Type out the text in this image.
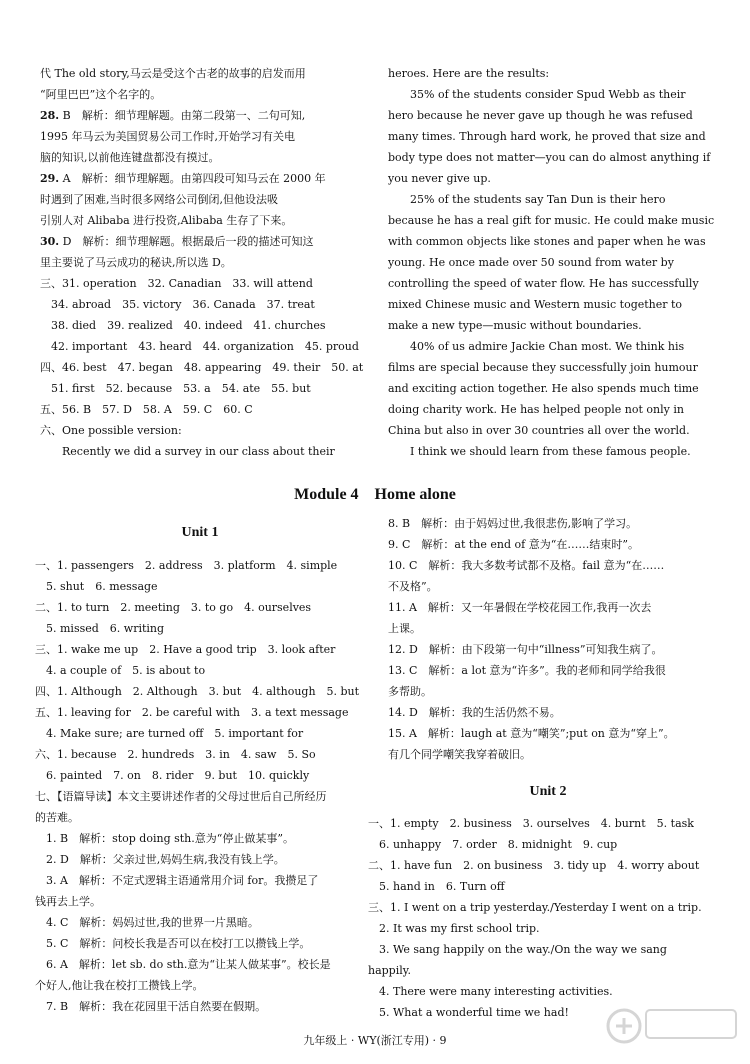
代 The old story,马云是受这个古老的故事的启发而用

“阿里巴巴”这个名字的。

28. B　解析：细节理解题。由第二段第一、二句可知,

1995 年马云为美国贸易公司工作时,开始学习有关电

脑的知识,以前他连键盘都没有摸过。

29. A　解析：细节理解题。由第四段可知马云在 2000 年

时遇到了困难,当时很多网络公司倒闭,但他设法吸

引别人对 Alibaba 进行投资,Alibaba 生存了下来。

30. D　解析：细节理解题。根据最后一段的描述可知这

里主要说了马云成功的秘诀,所以选 D。

三、31. operation　32. Canadian　33. will attend

　34. abroad　35. victory　36. Canada　37. treat

　38. died　39. realized　40. indeed　41. churches

　42. important　43. heard　44. organization　45. proud

四、46. best　47. began　48. appearing　49. their　50. at

　51. first　52. because　53. a　54. ate　55. but

五、56. B　57. D　58. A　59. C　60. C

六、One possible version:

　　Recently we did a survey in our class about their

heroes. Here are the results:

35% of the students consider Spud Webb as their

hero because he never gave up though he was refused

many times. Through hard work, he proved that size and

body type does not matter—you can do almost anything if

you never give up.

25% of the students say Tan Dun is their hero

because he has a real gift for music. He could make music

with common objects like stones and paper when he was

young. He once made over 50 sound from water by

controlling the speed of water flow. He has successfully

mixed Chinese music and Western music together to

make a new type—music without boundaries.

40% of us admire Jackie Chan most. We think his

films are special because they successfully join humour

and exciting action together. He also spends much time

doing charity work. He has helped people not only in

China but also in over 30 countries all over the world.

I think we should learn from these famous people.

Module 4　Home alone
Unit 1

一、1. passengers　2. address　3. platform　4. simple

　5. shut　6. message

二、1. to turn　2. meeting　3. to go　4. ourselves

　5. missed　6. writing

三、1. wake me up　2. Have a good trip　3. look after

　4. a couple of　5. is about to

四、1. Although　2. Although　3. but　4. although　5. but

五、1. leaving for　2. be careful with　3. a text message

　4. Make sure; are turned off　5. important for

六、1. because　2. hundreds　3. in　4. saw　5. So

　6. painted　7. on　8. rider　9. but　10. quickly

七、【语篇导读】本文主要讲述作者的父母过世后自己所经历

的苦难。

　1. B　解析：stop doing sth.意为“停止做某事”。

　2. D　解析：父亲过世,妈妈生病,我没有钱上学。

　3. A　解析：不定式逻辑主语通常用介词 for。我攒足了

钱再去上学。

　4. C　解析：妈妈过世,我的世界一片黑暗。

　5. C　解析：问校长我是否可以在校打工以攒钱上学。

　6. A　解析：let sb. do sth.意为“让某人做某事”。校长是

个好人,他让我在校打工攒钱上学。

　7. B　解析：我在花园里干活自然要在假期。

8. B　解析：由于妈妈过世,我很悲伤,影响了学习。

9. C　解析：at the end of 意为“在……结束时”。

10. C　解析：我大多数考试都不及格。fail 意为“在……

不及格”。

11. A　解析：又一年暑假在学校花园工作,我再一次去

上课。

12. D　解析：由下段第一句中“illness”可知我生病了。

13. C　解析：a lot 意为“许多”。我的老师和同学给我很

多帮助。

14. D　解析：我的生活仍然不易。

15. A　解析：laugh at 意为“嘲笑”;put on 意为“穿上”。

有几个同学嘲笑我穿着破旧。

Unit 2

一、1. empty　2. business　3. ourselves　4. burnt　5. task

　6. unhappy　7. order　8. midnight　9. cup

二、1. have fun　2. on business　3. tidy up　4. worry about

　5. hand in　6. Turn off

三、1. I went on a trip yesterday./Yesterday I went on a trip.

　2. It was my first school trip.

　3. We sang happily on the way./On the way we sang

happily.

　4. There were many interesting activities.

　5. What a wonderful time we had!

九年级上 · WY(浙江专用) · 9
